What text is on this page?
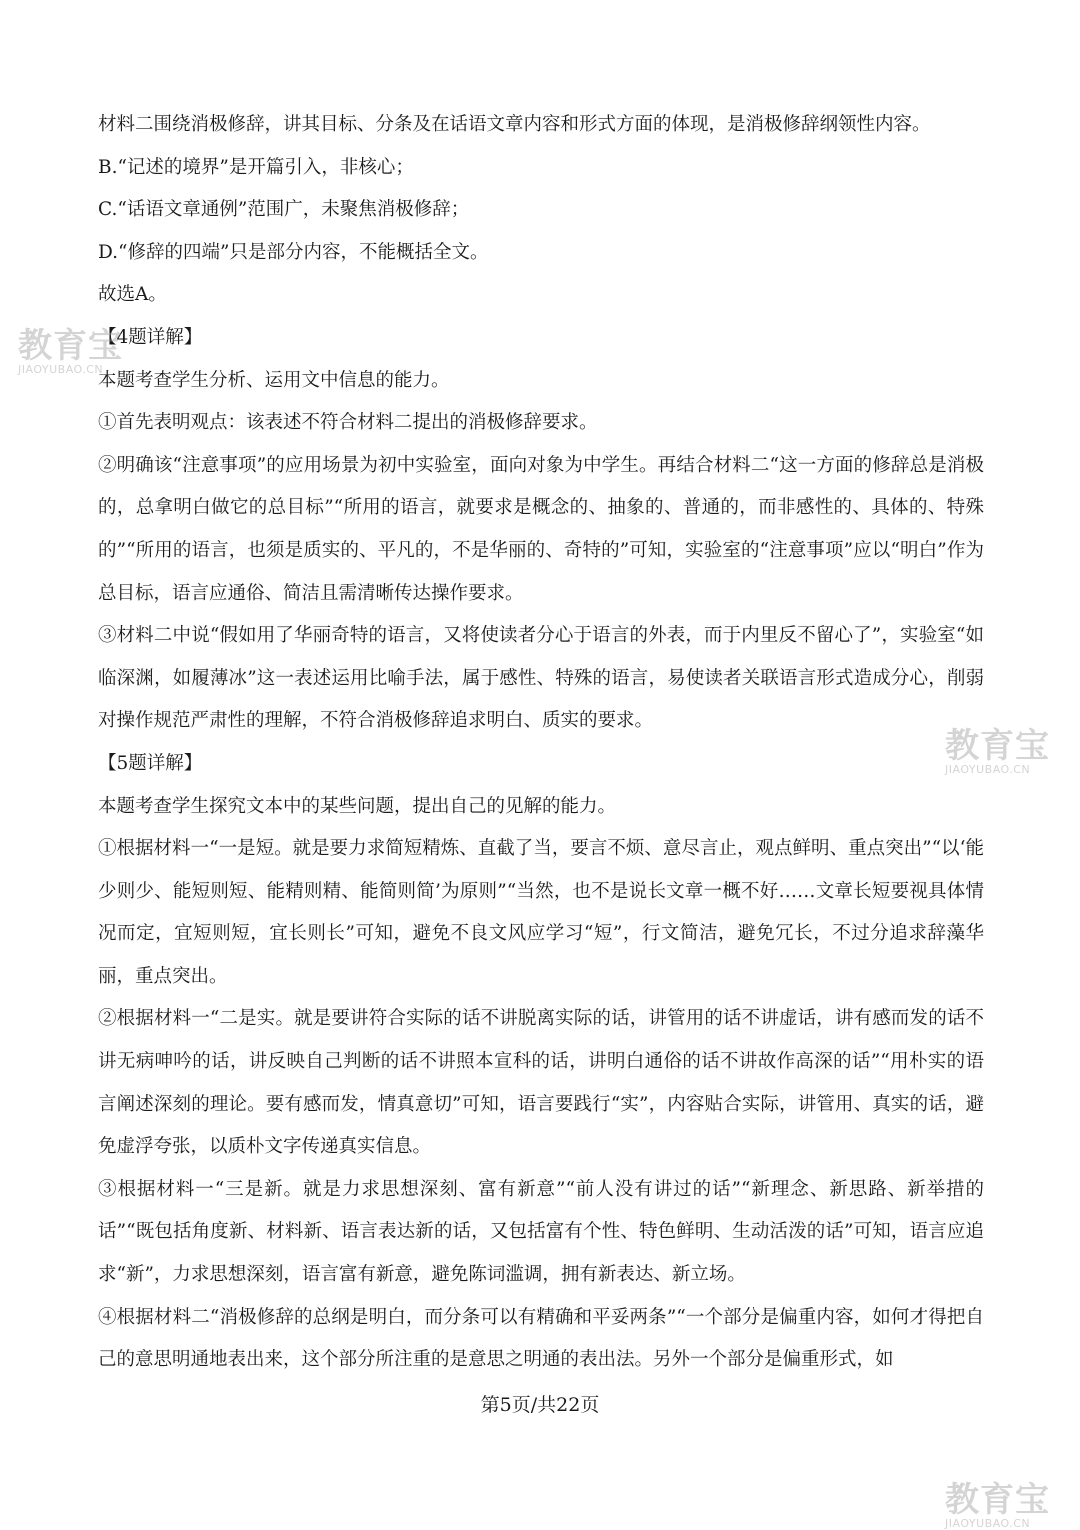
材料二围绕消极修辞，讲其目标、分条及在话语文章内容和形式方面的体现，是消极修辞纲领性内容。

B.“记述的境界”是开篇引入，非核心；

C.“话语文章通例”范围广，未聚焦消极修辞；

D.“修辞的四端”只是部分内容，不能概括全文。

故选A。

【4题详解】

本题考查学生分析、运用文中信息的能力。

①首先表明观点：该表述不符合材料二提出的消极修辞要求。

②明确该“注意事项”的应用场景为初中实验室，面向对象为中学生。再结合材料二“这一方面的修辞总是消极的，总拿明白做它的总目标”“所用的语言，就要求是概念的、抽象的、普通的，而非感性的、具体的、特殊的”“所用的语言，也须是质实的、平凡的，不是华丽的、奇特的”可知，实验室的“注意事项”应以“明白”作为总目标，语言应通俗、简洁且需清晰传达操作要求。

③材料二中说“假如用了华丽奇特的语言，又将使读者分心于语言的外表，而于内里反不留心了”，实验室“如临深渊，如履薄冰”这一表述运用比喻手法，属于感性、特殊的语言，易使读者关联语言形式造成分心，削弱对操作规范严肃性的理解，不符合消极修辞追求明白、质实的要求。

【5题详解】

本题考查学生探究文本中的某些问题，提出自己的见解的能力。

①根据材料一“一是短。就是要力求简短精炼、直截了当，要言不烦、意尽言止，观点鲜明、重点突出”“以‘能少则少、能短则短、能精则精、能简则简’为原则”“当然，也不是说长文章一概不好……文章长短要视具体情况而定，宜短则短，宜长则长”可知，避免不良文风应学习“短”，行文简洁，避免冗长，不过分追求辞藻华丽，重点突出。

②根据材料一“二是实。就是要讲符合实际的话不讲脱离实际的话，讲管用的话不讲虚话，讲有感而发的话不讲无病呻吟的话，讲反映自己判断的话不讲照本宣科的话，讲明白通俗的话不讲故作高深的话”“用朴实的语言阐述深刻的理论。要有感而发，情真意切”可知，语言要践行“实”，内容贴合实际，讲管用、真实的话，避免虚浮夸张，以质朴文字传递真实信息。

③根据材料一“三是新。就是力求思想深刻、富有新意”“前人没有讲过的话”“新理念、新思路、新举措的话”“既包括角度新、材料新、语言表达新的话，又包括富有个性、特色鲜明、生动活泼的话”可知，语言应追求“新”，力求思想深刻，语言富有新意，避免陈词滥调，拥有新表达、新立场。

④根据材料二“消极修辞的总纲是明白，而分条可以有精确和平妥两条”“一个部分是偏重内容，如何才得把自己的意思明通地表出来，这个部分所注重的是意思之明通的表出法。另外一个部分是偏重形式，如

第5页/共22页
教育宝
JIAOYUBAO.CN
教育宝
JIAOYUBAO.CN
教育宝
JIAOYUBAO.CN
